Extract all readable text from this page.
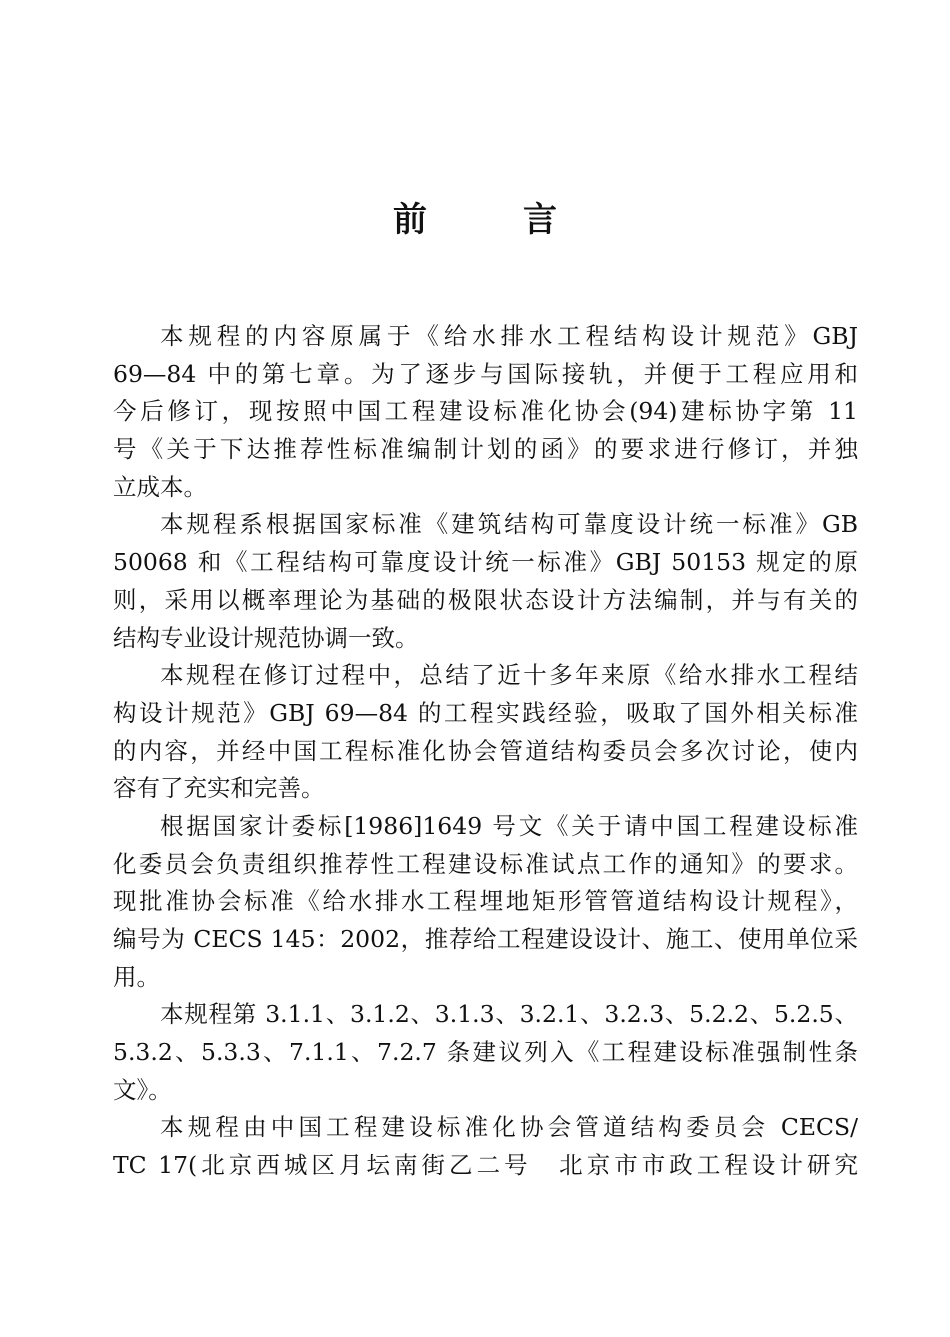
前	言
本规程的内容原属于《给水排水工程结构设计规范》GBJ
69—84 中的第七章。为了逐步与国际接轨，并便于工程应用和
今后修订，现按照中国工程建设标准化协会(94)建标协字第 11
号《关于下达推荐性标准编制计划的函》的要求进行修订，并独
立成本。
本规程系根据国家标准《建筑结构可靠度设计统一标准》GB
50068 和《工程结构可靠度设计统一标准》GBJ 50153 规定的原
则，采用以概率理论为基础的极限状态设计方法编制，并与有关的
结构专业设计规范协调一致。
本规程在修订过程中，总结了近十多年来原《给水排水工程结
构设计规范》GBJ 69—84 的工程实践经验，吸取了国外相关标准
的内容，并经中国工程标准化协会管道结构委员会多次讨论，使内
容有了充实和完善。
根据国家计委标[1986]1649 号文《关于请中国工程建设标准
化委员会负责组织推荐性工程建设标准试点工作的通知》的要求。
现批准协会标准《给水排水工程埋地矩形管管道结构设计规程》，
编号为 CECS 145：2002，推荐给工程建设设计、施工、使用单位采
用。
本规程第 3.1.1、3.1.2、3.1.3、3.2.1、3.2.3、5.2.2、5.2.5、
5.3.2、5.3.3、7.1.1、7.2.7 条建议列入《工程建设标准强制性条
文》。
本规程由中国工程建设标准化协会管道结构委员会 CECS/
TC 17(北京西城区月坛南街乙二号　北京市市政工程设计研究
